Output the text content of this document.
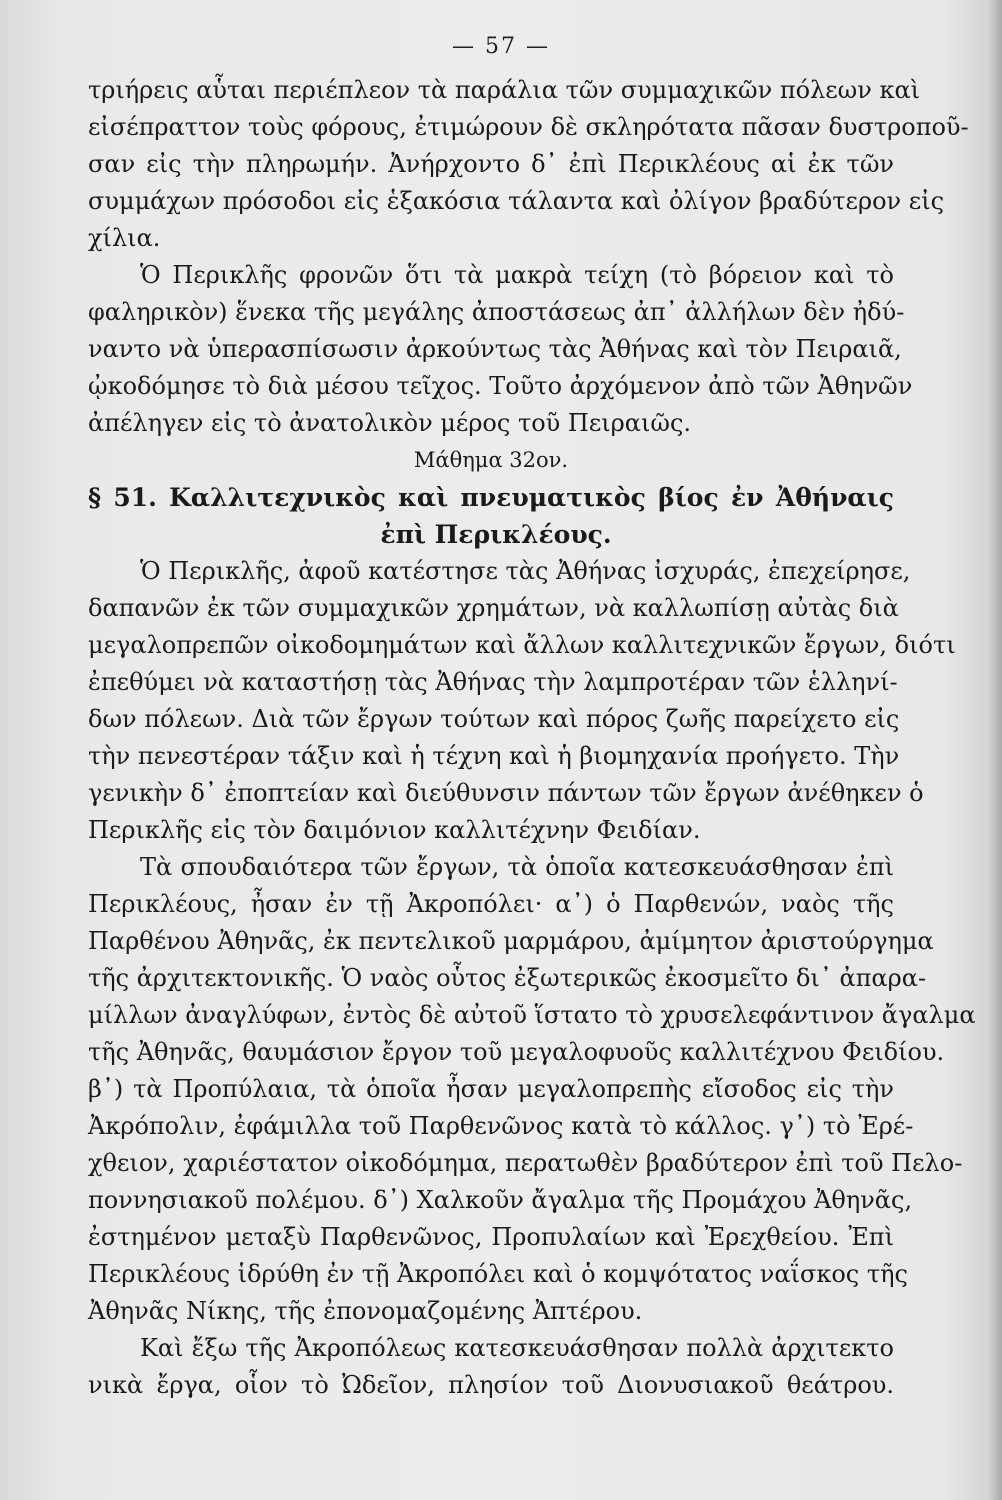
— 57 —
τριήρεις αὗται περιέπλεον τὰ παράλια τῶν συμμαχικῶν πόλεων καὶ
εἰσέπραττον τοὺς φόρους, ἐτιμώρουν δὲ σκληρότατα πᾶσαν δυστροποῦ-
σαν εἰς τὴν πληρωμήν. Ἀνήρχοντο δ᾽ ἐπὶ Περικλέους αἱ ἐκ τῶν
συμμάχων πρόσοδοι εἰς ἑξακόσια τάλαντα καὶ ὀλίγον βραδύτερον εἰς
χίλια.
Ὁ Περικλῆς φρονῶν ὅτι τὰ μακρὰ τείχη (τὸ βόρειον καὶ τὸ
φαληρικὸν) ἕνεκα τῆς μεγάλης ἀποστάσεως ἀπ᾽ ἀλλήλων δὲν ἠδύ-
ναντο νὰ ὑπερασπίσωσιν ἀρκούντως τὰς Ἀθήνας καὶ τὸν Πειραιᾶ,
ᾠκοδόμησε τὸ διὰ μέσου τεῖχος. Τοῦτο ἀρχόμενον ἀπὸ τῶν Ἀθηνῶν
ἀπέληγεν εἰς τὸ ἀνατολικὸν μέρος τοῦ Πειραιῶς.
Μάθημα 32ον.
§ 51. Καλλιτεχνικὸς καὶ πνευματικὸς βίος ἐν Ἀθήναις
ἐπὶ Περικλέους.
Ὁ Περικλῆς, ἀφοῦ κατέστησε τὰς Ἀθήνας ἰσχυράς, ἐπεχείρησε,
δαπανῶν ἐκ τῶν συμμαχικῶν χρημάτων, νὰ καλλωπίσῃ αὐτὰς διὰ
μεγαλοπρεπῶν οἰκοδομημάτων καὶ ἄλλων καλλιτεχνικῶν ἔργων, διότι
ἐπεθύμει νὰ καταστήσῃ τὰς Ἀθήνας τὴν λαμπροτέραν τῶν ἑλληνί-
δων πόλεων. Διὰ τῶν ἔργων τούτων καὶ πόρος ζωῆς παρείχετο εἰς
τὴν πενεστέραν τάξιν καὶ ἡ τέχνη καὶ ἡ βιομηχανία προήγετο. Τὴν
γενικὴν δ᾽ ἐποπτείαν καὶ διεύθυνσιν πάντων τῶν ἔργων ἀνέθηκεν ὁ
Περικλῆς εἰς τὸν δαιμόνιον καλλιτέχνην Φειδίαν.
Τὰ σπουδαιότερα τῶν ἔργων, τὰ ὁποῖα κατεσκευάσθησαν ἐπὶ
Περικλέους, ἦσαν ἐν τῇ Ἀκροπόλει· α᾽) ὁ Παρθενών, ναὸς τῆς
Παρθένου Ἀθηνᾶς, ἐκ πεντελικοῦ μαρμάρου, ἀμίμητον ἀριστούργημα
τῆς ἀρχιτεκτονικῆς. Ὁ ναὸς οὗτος ἐξωτερικῶς ἐκοσμεῖτο δι᾽ ἀπαρα-
μίλλων ἀναγλύφων, ἐντὸς δὲ αὐτοῦ ἵστατο τὸ χρυσελεφάντινον ἄγαλμα
τῆς Ἀθηνᾶς, θαυμάσιον ἔργον τοῦ μεγαλοφυοῦς καλλιτέχνου Φειδίου.
β᾽) τὰ Προπύλαια, τὰ ὁποῖα ἦσαν μεγαλοπρεπὴς εἴσοδος εἰς τὴν
Ἀκρόπολιν, ἐφάμιλλα τοῦ Παρθενῶνος κατὰ τὸ κάλλος. γ᾽) τὸ Ἐρέ-
χθειον, χαριέστατον οἰκοδόμημα, περατωθὲν βραδύτερον ἐπὶ τοῦ Πελο-
ποννησιακοῦ πολέμου. δ᾽) Χαλκοῦν ἄγαλμα τῆς Προμάχου Ἀθηνᾶς,
ἐστημένον μεταξὺ Παρθενῶνος, Προπυλαίων καὶ Ἐρεχθείου. Ἐπὶ
Περικλέους ἱδρύθη ἐν τῇ Ἀκροπόλει καὶ ὁ κομψότατος ναΐσκος τῆς
Ἀθηνᾶς Νίκης, τῆς ἐπονομαζομένης Ἀπτέρου.
Καὶ ἔξω τῆς Ἀκροπόλεως κατεσκευάσθησαν πολλὰ ἀρχιτεκτο
νικὰ ἔργα, οἷον τὸ Ὠδεῖον, πλησίον τοῦ Διονυσιακοῦ θεάτρου.
